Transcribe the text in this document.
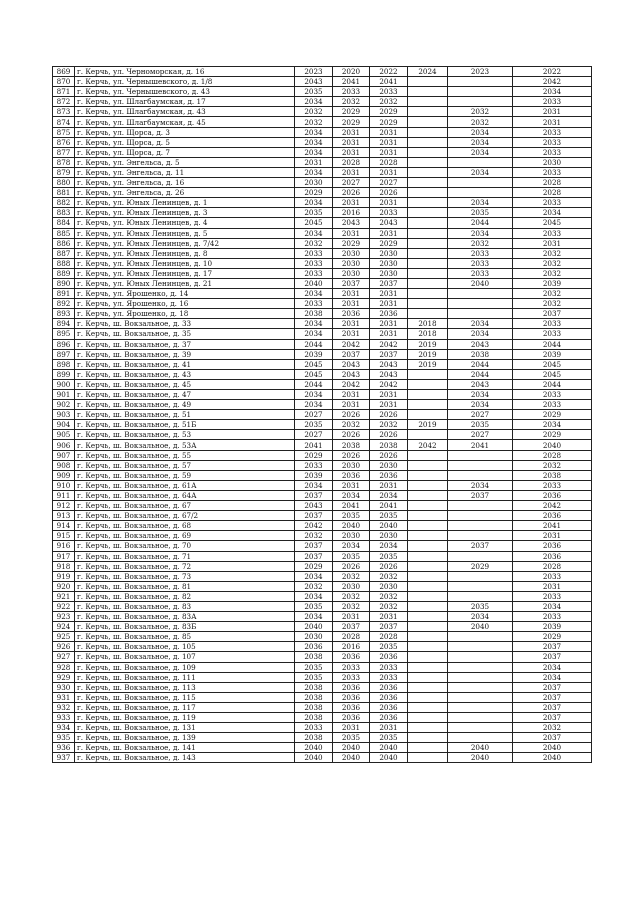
869	г. Керчь, ул. Черноморская, д. 16	2023	2020	2022	2024	2023	2022
870	г. Керчь, ул. Чернышевского, д. 1/8	2043	2041	2041			2042
871	г. Керчь, ул. Чернышевского, д. 43	2035	2033	2033			2034
872	г. Керчь, ул. Шлагбаумская, д. 17	2034	2032	2032			2033
873	г. Керчь, ул. Шлагбаумская, д. 43	2032	2029	2029		2032	2031
874	г. Керчь, ул. Шлагбаумская, д. 45	2032	2029	2029		2032	2031
875	г. Керчь, ул. Щорса, д. 3	2034	2031	2031		2034	2033
876	г. Керчь, ул. Щорса, д. 5	2034	2031	2031		2034	2033
877	г. Керчь, ул. Щорса, д. 7	2034	2031	2031		2034	2033
878	г. Керчь, ул. Энгельса, д. 5	2031	2028	2028			2030
879	г. Керчь, ул. Энгельса, д. 11	2034	2031	2031		2034	2033
880	г. Керчь, ул. Энгельса, д. 16	2030	2027	2027			2028
881	г. Керчь, ул. Энгельса, д. 26	2029	2026	2026			2028
882	г. Керчь, ул. Юных Ленинцев, д. 1	2034	2031	2031		2034	2033
883	г. Керчь, ул. Юных Ленинцев, д. 3	2035	2016	2033		2035	2034
884	г. Керчь, ул. Юных Ленинцев, д. 4	2045	2043	2043		2044	2045
885	г. Керчь, ул. Юных Ленинцев, д. 5	2034	2031	2031		2034	2033
886	г. Керчь, ул. Юных Ленинцев, д. 7/42	2032	2029	2029		2032	2031
887	г. Керчь, ул. Юных Ленинцев, д. 8	2033	2030	2030		2033	2032
888	г. Керчь, ул. Юных Ленинцев, д. 10	2033	2030	2030		2033	2032
889	г. Керчь, ул. Юных Ленинцев, д. 17	2033	2030	2030		2033	2032
890	г. Керчь, ул. Юных Ленинцев, д. 21	2040	2037	2037		2040	2039
891	г. Керчь, ул. Ярошенко, д. 14	2034	2031	2031			2032
892	г. Керчь, ул. Ярошенко, д. 16	2033	2031	2031			2032
893	г. Керчь, ул. Ярошенко, д. 18	2038	2036	2036			2037
894	г. Керчь, ш. Вокзальное, д. 33	2034	2031	2031	2018	2034	2033
895	г. Керчь, ш. Вокзальное, д. 35	2034	2031	2031	2018	2034	2033
896	г. Керчь, ш. Вокзальное, д. 37	2044	2042	2042	2019	2043	2044
897	г. Керчь, ш. Вокзальное, д. 39	2039	2037	2037	2019	2038	2039
898	г. Керчь, ш. Вокзальное, д. 41	2045	2043	2043	2019	2044	2045
899	г. Керчь, ш. Вокзальное, д. 43	2045	2043	2043		2044	2045
900	г. Керчь, ш. Вокзальное, д. 45	2044	2042	2042		2043	2044
901	г. Керчь, ш. Вокзальное, д. 47	2034	2031	2031		2034	2033
902	г. Керчь, ш. Вокзальное, д. 49	2034	2031	2031		2034	2033
903	г. Керчь, ш. Вокзальное, д. 51	2027	2026	2026		2027	2029
904	г. Керчь, ш. Вокзальное, д. 51Б	2035	2032	2032	2019	2035	2034
905	г. Керчь, ш. Вокзальное, д. 53	2027	2026	2026		2027	2029
906	г. Керчь, ш. Вокзальное, д. 53А	2041	2038	2038	2042	2041	2040
907	г. Керчь, ш. Вокзальное, д. 55	2029	2026	2026			2028
908	г. Керчь, ш. Вокзальное, д. 57	2033	2030	2030			2032
909	г. Керчь, ш. Вокзальное, д. 59	2039	2036	2036			2038
910	г. Керчь, ш. Вокзальное, д. 61А	2034	2031	2031		2034	2033
911	г. Керчь, ш. Вокзальное, д. 64А	2037	2034	2034		2037	2036
912	г. Керчь, ш. Вокзальное, д. 67	2043	2041	2041			2042
913	г. Керчь, ш. Вокзальное, д. 67/2	2037	2035	2035			2036
914	г. Керчь, ш. Вокзальное, д. 68	2042	2040	2040			2041
915	г. Керчь, ш. Вокзальное, д. 69	2032	2030	2030			2031
916	г. Керчь, ш. Вокзальное, д. 70	2037	2034	2034		2037	2036
917	г. Керчь, ш. Вокзальное, д. 71	2037	2035	2035			2036
918	г. Керчь, ш. Вокзальное, д. 72	2029	2026	2026		2029	2028
919	г. Керчь, ш. Вокзальное, д. 73	2034	2032	2032			2033
920	г. Керчь, ш. Вокзальное, д. 81	2032	2030	2030			2031
921	г. Керчь, ш. Вокзальное, д. 82	2034	2032	2032			2033
922	г. Керчь, ш. Вокзальное, д. 83	2035	2032	2032		2035	2034
923	г. Керчь, ш. Вокзальное, д. 83А	2034	2031	2031		2034	2033
924	г. Керчь, ш. Вокзальное, д. 83Б	2040	2037	2037		2040	2039
925	г. Керчь, ш. Вокзальное, д. 85	2030	2028	2028			2029
926	г. Керчь, ш. Вокзальное, д. 105	2036	2016	2035			2037
927	г. Керчь, ш. Вокзальное, д. 107	2038	2036	2036			2037
928	г. Керчь, ш. Вокзальное, д. 109	2035	2033	2033			2034
929	г. Керчь, ш. Вокзальное, д. 111	2035	2033	2033			2034
930	г. Керчь, ш. Вокзальное, д. 113	2038	2036	2036			2037
931	г. Керчь, ш. Вокзальное, д. 115	2038	2036	2036			2037
932	г. Керчь, ш. Вокзальное, д. 117	2038	2036	2036			2037
933	г. Керчь, ш. Вокзальное, д. 119	2038	2036	2036			2037
934	г. Керчь, ш. Вокзальное, д. 131	2033	2031	2031			2032
935	г. Керчь, ш. Вокзальное, д. 139	2038	2035	2035			2037
936	г. Керчь, ш. Вокзальное, д. 141	2040	2040	2040		2040	2040
937	г. Керчь, ш. Вокзальное, д. 143	2040	2040	2040		2040	2040
